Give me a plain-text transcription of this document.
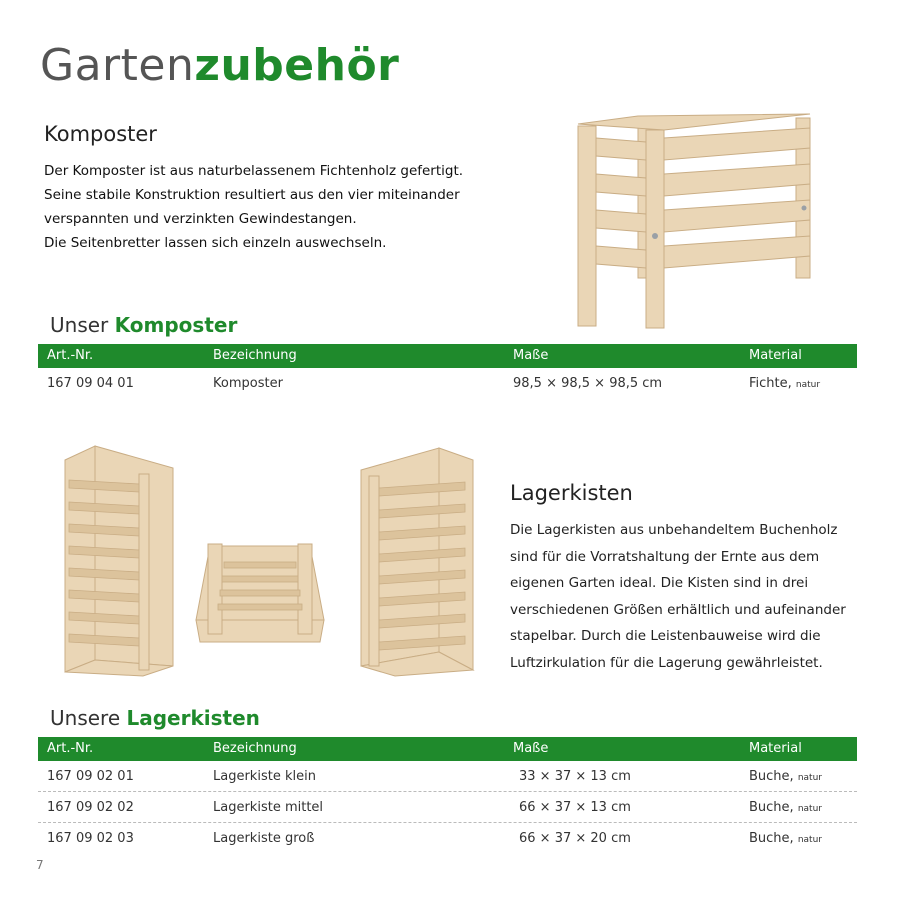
Gartenzubehör
Komposter
Der Komposter ist aus naturbelassenem Fichtenholz gefertigt.
Seine stabile Konstruktion resultiert aus den vier miteinander
verspannten und verzinkten Gewindestangen.
Die Seitenbretter lassen sich einzeln auswechseln.
Unser Komposter
Art.-Nr.	Bezeichnung	Maße	Material
167 09 04 01	Komposter	98,5 × 98,5 × 98,5 cm	Fichte, natur
Lagerkisten
Die Lagerkisten aus unbehandeltem Buchenholz
sind für die Vorratshaltung der Ernte aus dem
eigenen Garten ideal. Die Kisten sind in drei
verschiedenen Größen erhältlich und aufeinander
stapelbar. Durch die Leistenbauweise wird die
Luftzirkulation für die Lagerung gewährleistet.
Unsere Lagerkisten
Art.-Nr.	Bezeichnung	Maße	Material
167 09 02 01	Lagerkiste klein	33 × 37 × 13 cm	Buche, natur
167 09 02 02	Lagerkiste mittel	66 × 37 × 13 cm	Buche, natur
167 09 02 03	Lagerkiste groß	66 × 37 × 20 cm	Buche, natur
7
